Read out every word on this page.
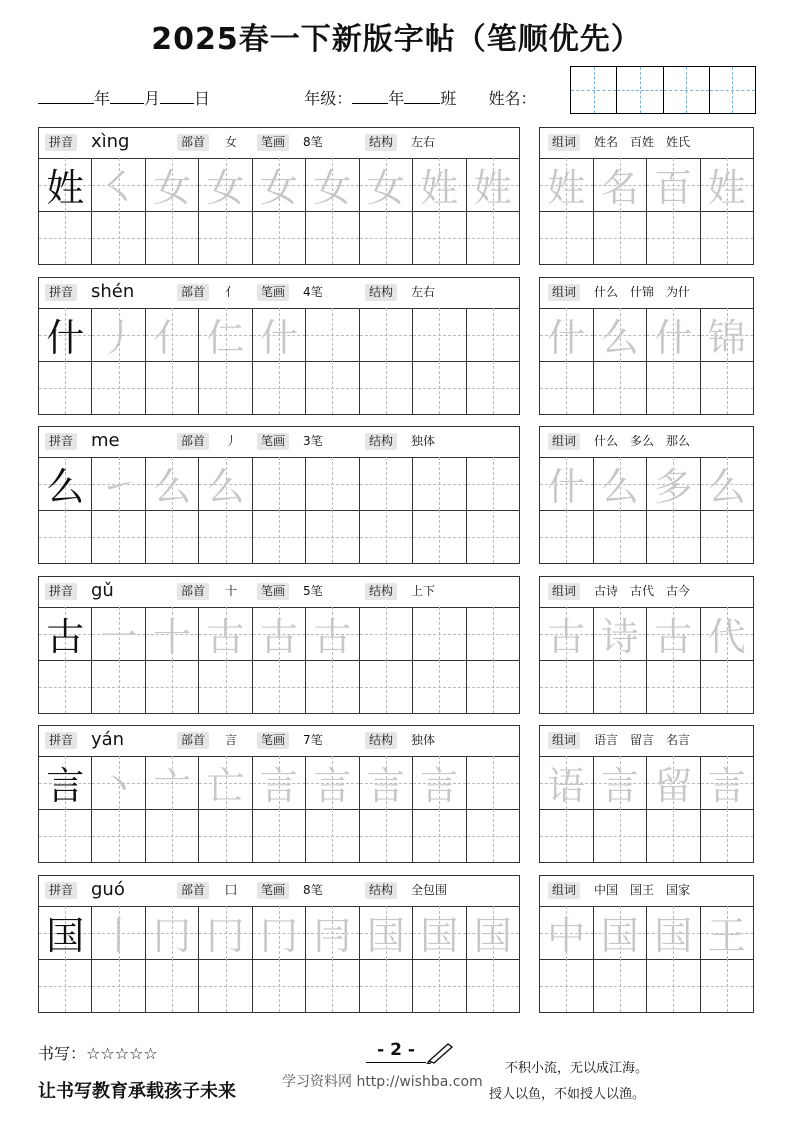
2025春一下新版字帖（笔顺优先）
年 月 日	年级： 年 班 姓名：
拼音 xìng	部首	女	笔画	8笔	结构	左右
姓 ㇛ 女 女 女 女 女 姓 姓
组词	姓名　百姓　姓氏
姓 名 百 姓
拼音 shén	部首	亻	笔画	4笔	结构	左右
什 丿 亻 仁 什
组词	什么　什锦　为什
什 么 什 锦
拼音 me	部首	丿	笔画	3笔	结构	独体
么 ㇀ 么 么
组词	什么　多么　那么
什 么 多 么
拼音 gǔ	部首	十	笔画	5笔	结构	上下
古 一 十 古 古 古
组词	古诗　古代　古今
古 诗 古 代
拼音 yán	部首	言	笔画	7笔	结构	独体
言 丶 亠 亡 言 言 言 言
组词	语言　留言　名言
语 言 留 言
拼音 guó	部首	囗	笔画	8笔	结构	全包围
国 丨 冂 冂 冂 冃 国 国 国
组词	中国　国王　国家
中 国 国 王
书写：☆☆☆☆☆
让书写教育承载孩子未来
- 2 -
学习资料网 http://wishba.com
不积小流，无以成江海。
授人以鱼，不如授人以渔。
